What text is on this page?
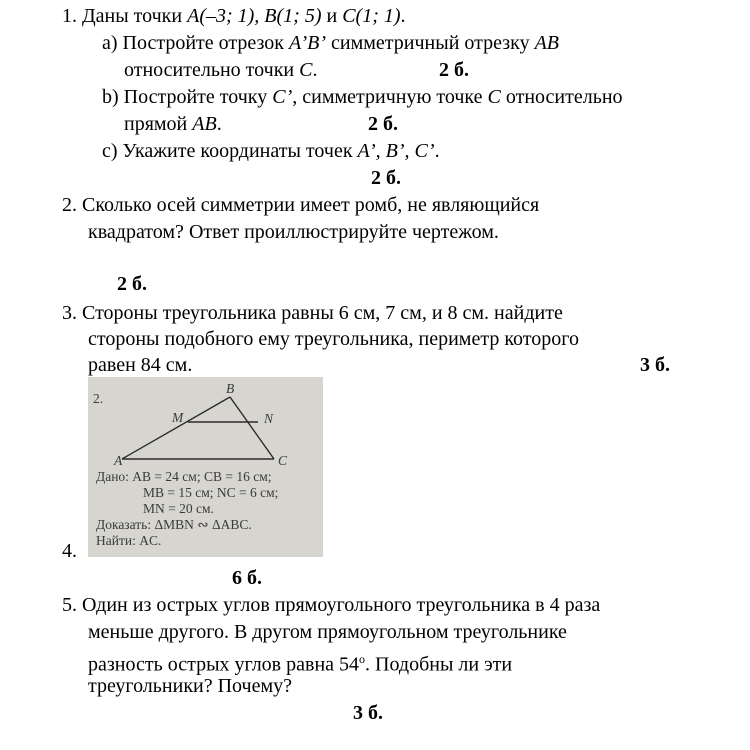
1. Даны точки A(–3; 1), B(1; 5) и C(1; 1).
a) Постройте отрезок A’B’ симметричный отрезку AB
относительно точки C.	2 б.
b) Постройте точку C’, симметричную точке C относительно
прямой AB.	2 б.
c) Укажите координаты точек A’, B’, C’.
2 б.
2. Сколько осей симметрии имеет ромб, не являющийся
квадратом? Ответ проиллюстрируйте чертежом.
2 б.
3. Стороны треугольника равны 6 см, 7 см, и 8 см. найдите
стороны подобного ему треугольника, периметр которого
равен 84 см.	3 б.
2.
B
M	N
A	C
Дано: AB = 24 см; CB = 16 см;
MB = 15 см; NC = 6 см;
MN = 20 см.
Доказать: ΔMBN ∾ ΔABC.
Найти: AC.
4.
6 б.
5. Один из острых углов прямоугольного треугольника в 4 раза
меньше другого. В другом прямоугольном треугольнике
разность острых углов равна $54^о$. Подобны ли эти
треугольники? Почему?
3 б.
